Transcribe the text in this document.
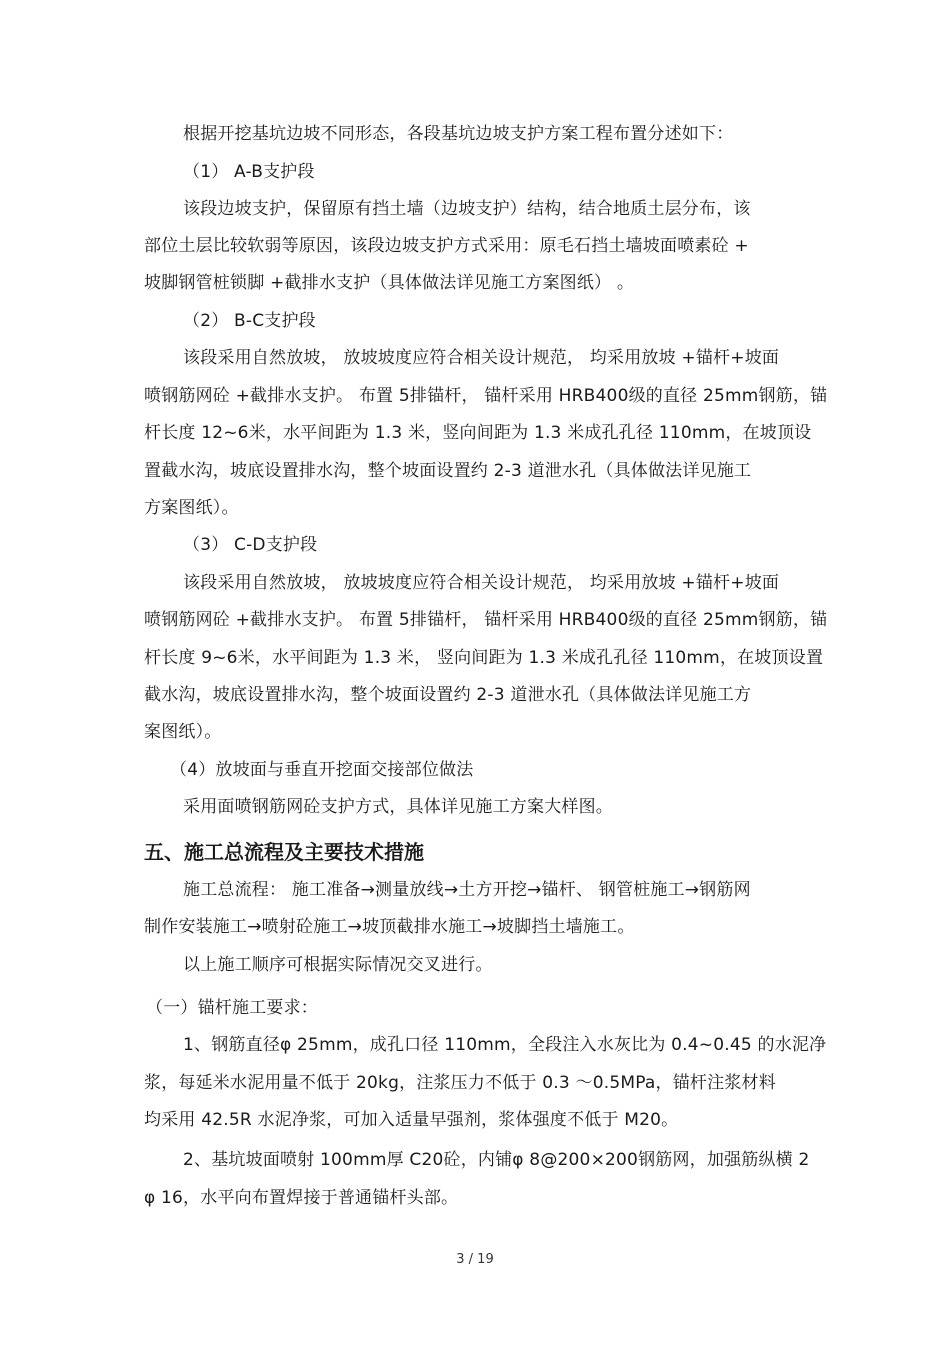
根据开挖基坑边坡不同形态，各段基坑边坡支护方案工程布置分述如下：

（1） A-B支护段

该段边坡支护，保留原有挡土墙（边坡支护）结构，结合地质土层分布，该

部位土层比较软弱等原因，该段边坡支护方式采用：原毛石挡土墙坡面喷素砼 +

坡脚钢管桩锁脚 +截排水支护（具体做法详见施工方案图纸） 。

（2） B-C支护段

该段采用自然放坡， 放坡坡度应符合相关设计规范， 均采用放坡 +锚杆+坡面

喷钢筋网砼 +截排水支护。 布置 5排锚杆， 锚杆采用 HRB400级的直径 25mm钢筋，锚

杆长度 12~6米，水平间距为 1.3 米，竖向间距为 1.3 米成孔孔径 110mm，在坡顶设

置截水沟，坡底设置排水沟，整个坡面设置约 2-3 道泄水孔（具体做法详见施工

方案图纸）。

（3） C-D支护段

该段采用自然放坡， 放坡坡度应符合相关设计规范， 均采用放坡 +锚杆+坡面

喷钢筋网砼 +截排水支护。 布置 5排锚杆， 锚杆采用 HRB400级的直径 25mm钢筋，锚

杆长度 9~6米，水平间距为 1.3 米， 竖向间距为 1.3 米成孔孔径 110mm，在坡顶设置

截水沟，坡底设置排水沟，整个坡面设置约 2-3 道泄水孔（具体做法详见施工方

案图纸）。

（4）放坡面与垂直开挖面交接部位做法

采用面喷钢筋网砼支护方式，具体详见施工方案大样图。

五、施工总流程及主要技术措施

施工总流程： 施工准备→测量放线→土方开挖→锚杆、 钢管桩施工→钢筋网

制作安装施工→喷射砼施工→坡顶截排水施工→坡脚挡土墙施工。

以上施工顺序可根据实际情况交叉进行。

（一）锚杆施工要求：

1、钢筋直径φ 25mm，成孔口径 110mm，全段注入水灰比为 0.4~0.45 的水泥净

浆，每延米水泥用量不低于 20kg，注浆压力不低于 0.3 ～0.5MPa，锚杆注浆材料

均采用 42.5R 水泥净浆，可加入适量早强剂，浆体强度不低于 M20。

2、基坑坡面喷射 100mm厚 C20砼，内铺φ 8@200×200钢筋网，加强筋纵横 2

φ 16，水平向布置焊接于普通锚杆头部。

3 / 19
